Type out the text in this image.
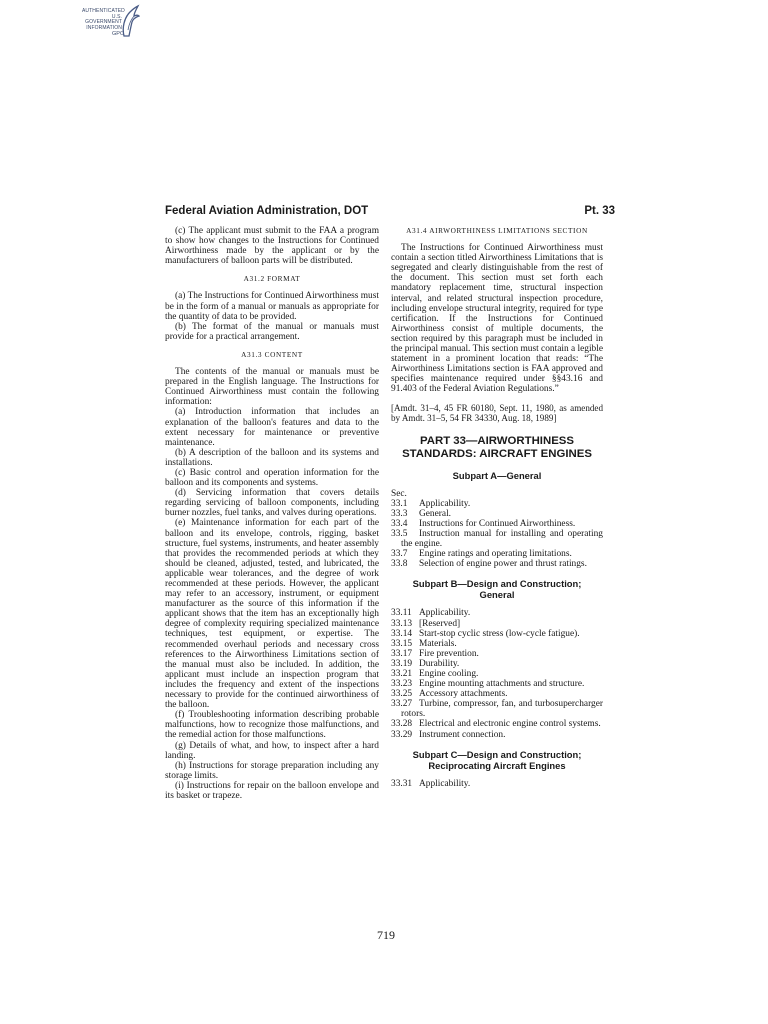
AUTHENTICATED
U.S. GOVERNMENT
INFORMATION
GPO
Federal Aviation Administration, DOT	Pt. 33

(c) The applicant must submit to the FAA a program to show how changes to the Instructions for Continued Airworthiness made by the applicant or by the manufacturers of balloon parts will be distributed.

A31.2 FORMAT

(a) The Instructions for Continued Airworthiness must be in the form of a manual or manuals as appropriate for the quantity of data to be provided.

(b) The format of the manual or manuals must provide for a practical arrangement.

A31.3 CONTENT

The contents of the manual or manuals must be prepared in the English language. The Instructions for Continued Airworthiness must contain the following information:

(a) Introduction information that includes an explanation of the balloon's features and data to the extent necessary for maintenance or preventive maintenance.

(b) A description of the balloon and its systems and installations.

(c) Basic control and operation information for the balloon and its components and systems.

(d) Servicing information that covers details regarding servicing of balloon components, including burner nozzles, fuel tanks, and valves during operations.

(e) Maintenance information for each part of the balloon and its envelope, controls, rigging, basket structure, fuel systems, instruments, and heater assembly that provides the recommended periods at which they should be cleaned, adjusted, tested, and lubricated, the applicable wear tolerances, and the degree of work recommended at these periods. However, the applicant may refer to an accessory, instrument, or equipment manufacturer as the source of this information if the applicant shows that the item has an exceptionally high degree of complexity requiring specialized maintenance techniques, test equipment, or expertise. The recommended overhaul periods and necessary cross references to the Airworthiness Limitations section of the manual must also be included. In addition, the applicant must include an inspection program that includes the frequency and extent of the inspections necessary to provide for the continued airworthiness of the balloon.

(f) Troubleshooting information describing probable malfunctions, how to recognize those malfunctions, and the remedial action for those malfunctions.

(g) Details of what, and how, to inspect after a hard landing.

(h) Instructions for storage preparation including any storage limits.

(i) Instructions for repair on the balloon envelope and its basket or trapeze.

A31.4 AIRWORTHINESS LIMITATIONS SECTION

The Instructions for Continued Airworthiness must contain a section titled Airworthiness Limitations that is segregated and clearly distinguishable from the rest of the document. This section must set forth each mandatory replacement time, structural inspection interval, and related structural inspection procedure, including envelope structural integrity, required for type certification. If the Instructions for Continued Airworthiness consist of multiple documents, the section required by this paragraph must be included in the principal manual. This section must contain a legible statement in a prominent location that reads: “The Airworthiness Limitations section is FAA approved and specifies maintenance required under §§43.16 and 91.403 of the Federal Aviation Regulations.”

[Amdt. 31–4, 45 FR 60180, Sept. 11, 1980, as amended by Amdt. 31–5, 54 FR 34330, Aug. 18, 1989]

PART 33—AIRWORTHINESS
STANDARDS: AIRCRAFT ENGINES
Subpart A—General

Sec.

33.1 Applicability.
33.3 General.
33.4 Instructions for Continued Airworthiness.
33.5 Instruction manual for installing and operating the engine.
33.7 Engine ratings and operating limitations.
33.8 Selection of engine power and thrust ratings.
Subpart B—Design and Construction;
General
33.11 Applicability.
33.13 [Reserved]
33.14 Start-stop cyclic stress (low-cycle fatigue).
33.15 Materials.
33.17 Fire prevention.
33.19 Durability.
33.21 Engine cooling.
33.23 Engine mounting attachments and structure.
33.25 Accessory attachments.
33.27 Turbine, compressor, fan, and turbosupercharger rotors.
33.28 Electrical and electronic engine control systems.
33.29 Instrument connection.
Subpart C—Design and Construction;
Reciprocating Aircraft Engines
33.31 Applicability.
719
